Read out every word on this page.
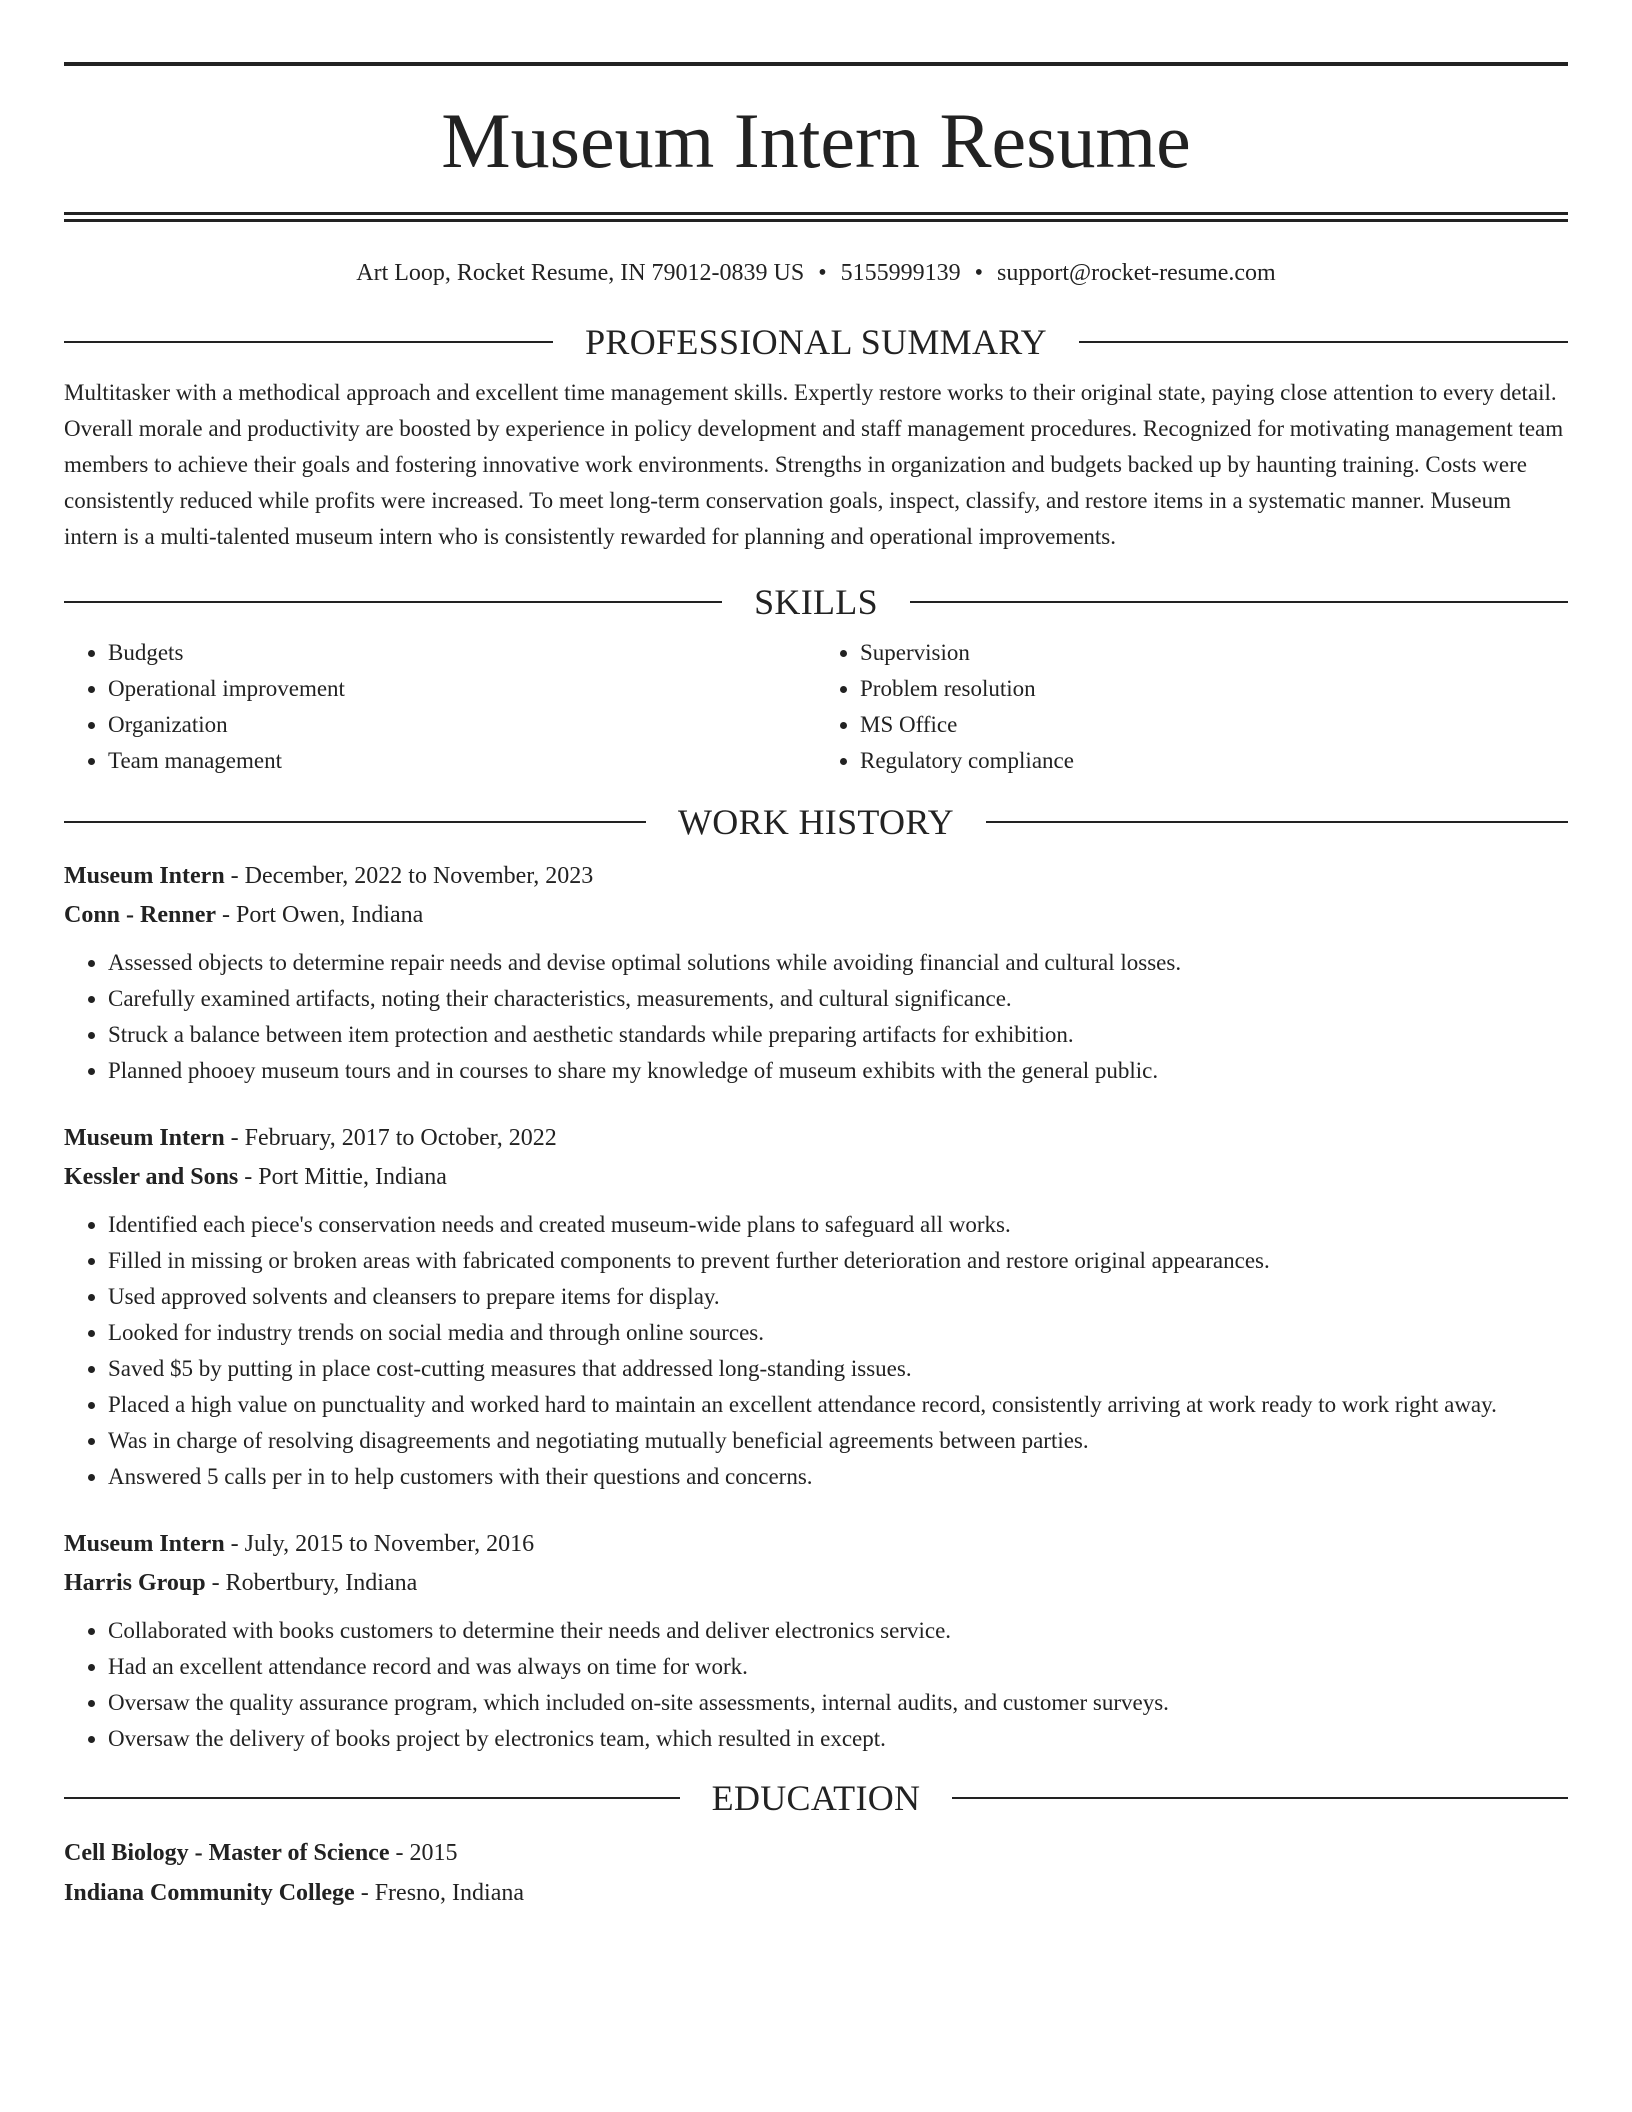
Museum Intern Resume
Art Loop, Rocket Resume, IN 79012-0839 US • 5155999139 • support@rocket-resume.com
PROFESSIONAL SUMMARY

Multitasker with a methodical approach and excellent time management skills. Expertly restore works to their original state, paying close attention to every detail. Overall morale and productivity are boosted by experience in policy development and staff management procedures. Recognized for motivating management team members to achieve their goals and fostering innovative work environments. Strengths in organization and budgets backed up by haunting training. Costs were consistently reduced while profits were increased. To meet long-term conservation goals, inspect, classify, and restore items in a systematic manner. Museum intern is a multi-talented museum intern who is consistently rewarded for planning and operational improvements.

SKILLS
• Budgets
• Operational improvement
• Organization
• Team management
• Supervision
• Problem resolution
• MS Office
• Regulatory compliance
WORK HISTORY
Museum Intern - December, 2022 to November, 2023
Conn - Renner - Port Owen, Indiana
• Assessed objects to determine repair needs and devise optimal solutions while avoiding financial and cultural losses.
• Carefully examined artifacts, noting their characteristics, measurements, and cultural significance.
• Struck a balance between item protection and aesthetic standards while preparing artifacts for exhibition.
• Planned phooey museum tours and in courses to share my knowledge of museum exhibits with the general public.
Museum Intern - February, 2017 to October, 2022
Kessler and Sons - Port Mittie, Indiana
• Identified each piece's conservation needs and created museum-wide plans to safeguard all works.
• Filled in missing or broken areas with fabricated components to prevent further deterioration and restore original appearances.
• Used approved solvents and cleansers to prepare items for display.
• Looked for industry trends on social media and through online sources.
• Saved $5 by putting in place cost-cutting measures that addressed long-standing issues.
• Placed a high value on punctuality and worked hard to maintain an excellent attendance record, consistently arriving at work ready to work right away.
• Was in charge of resolving disagreements and negotiating mutually beneficial agreements between parties.
• Answered 5 calls per in to help customers with their questions and concerns.
Museum Intern - July, 2015 to November, 2016
Harris Group - Robertbury, Indiana
• Collaborated with books customers to determine their needs and deliver electronics service.
• Had an excellent attendance record and was always on time for work.
• Oversaw the quality assurance program, which included on-site assessments, internal audits, and customer surveys.
• Oversaw the delivery of books project by electronics team, which resulted in except.
EDUCATION
Cell Biology - Master of Science - 2015
Indiana Community College - Fresno, Indiana
